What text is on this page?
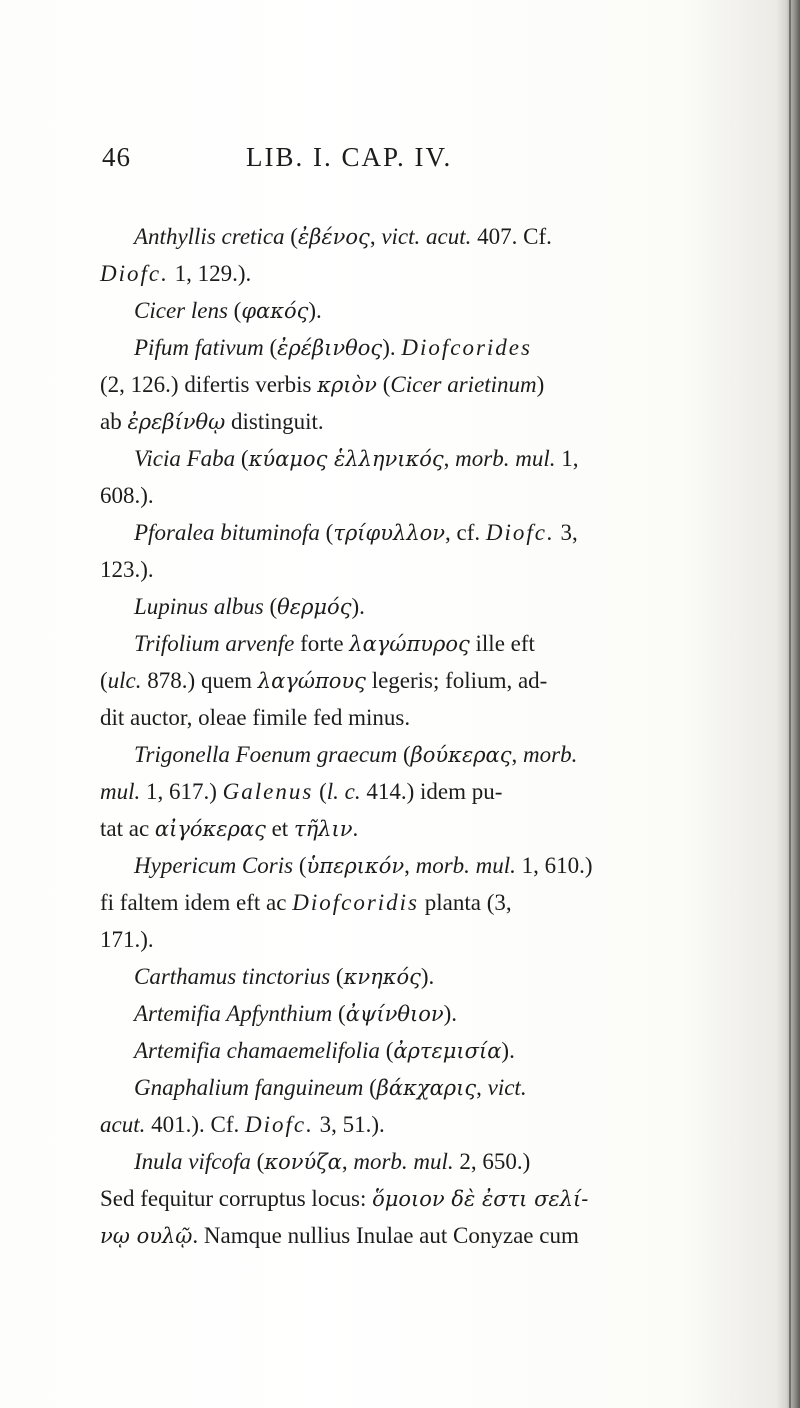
46	LIB. I. CAP. IV.
Anthyllis cretica (ἐβένος, vict. acut. 407. Cf.
Diofc. 1, 129.).
Cicer lens (φακός).
Pifum fativum (ἐρέβινθος). Diofcorides
(2, 126.) difertis verbis κριὸν (Cicer arietinum)
ab ἐρεβίνθῳ distinguit.
Vicia Faba (κύαμος ἑλληνικός, morb. mul. 1,
608.).
Pforalea bituminofa (τρίφυλλον, cf. Diofc. 3,
123.).
Lupinus albus (θερμός).
Trifolium arvenfe forte λαγώπυρος ille eft
(ulc. 878.) quem λαγώπους legeris; folium, ad-
dit auctor, oleae fimile fed minus.
Trigonella Foenum graecum (βούκερας, morb.
mul. 1, 617.) Galenus (l. c. 414.) idem pu-
tat ac αἰγόκερας et τῆλιν.
Hypericum Coris (ὑπερικόν, morb. mul. 1, 610.)
fi faltem idem eft ac Diofcoridis planta (3,
171.).
Carthamus tinctorius (κνηκός).
Artemifia Apfynthium (ἀψίνθιον).
Artemifia chamaemelifolia (ἀρτεμισία).
Gnaphalium fanguineum (βάκχαρις, vict.
acut. 401.). Cf. Diofc. 3, 51.).
Inula vifcofa (κονύζα, morb. mul. 2, 650.)
Sed fequitur corruptus locus: ὅμοιον δὲ ἐστι σελί-
νῳ ουλῷ. Namque nullius Inulae aut Conyzae cum
